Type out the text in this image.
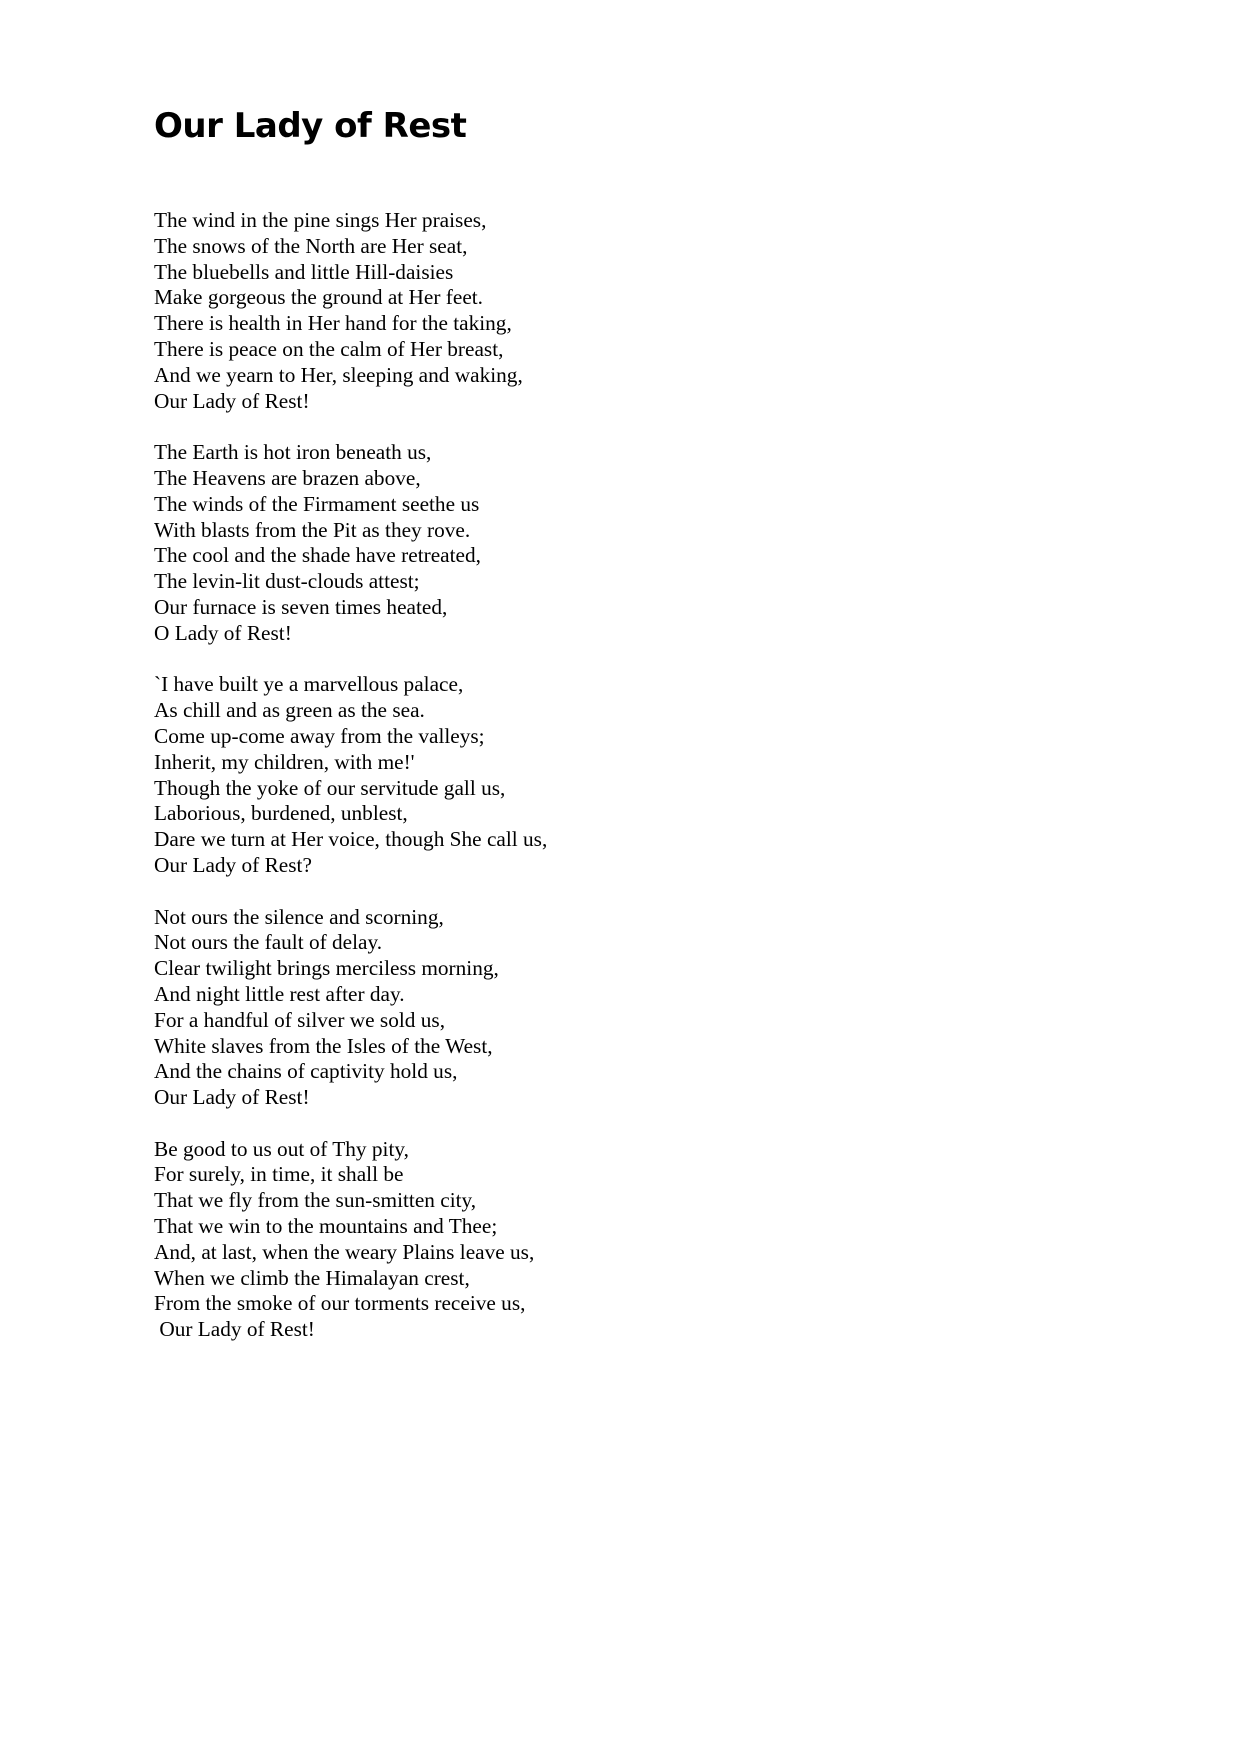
Our Lady of Rest
The wind in the pine sings Her praises,
The snows of the North are Her seat,
The bluebells and little Hill-daisies
Make gorgeous the ground at Her feet.
There is health in Her hand for the taking,
There is peace on the calm of Her breast,
And we yearn to Her, sleeping and waking,
Our Lady of Rest!
The Earth is hot iron beneath us,
The Heavens are brazen above,
The winds of the Firmament seethe us
With blasts from the Pit as they rove.
The cool and the shade have retreated,
The levin-lit dust-clouds attest;
Our furnace is seven times heated,
O Lady of Rest!
`I have built ye a marvellous palace,
As chill and as green as the sea.
Come up-come away from the valleys;
Inherit, my children, with me!'
Though the yoke of our servitude gall us,
Laborious, burdened, unblest,
Dare we turn at Her voice, though She call us,
Our Lady of Rest?
Not ours the silence and scorning,
Not ours the fault of delay.
Clear twilight brings merciless morning,
And night little rest after day.
For a handful of silver we sold us,
White slaves from the Isles of the West,
And the chains of captivity hold us,
Our Lady of Rest!
Be good to us out of Thy pity,
For surely, in time, it shall be
That we fly from the sun-smitten city,
That we win to the mountains and Thee;
And, at last, when the weary Plains leave us,
When we climb the Himalayan crest,
From the smoke of our torments receive us,
Our Lady of Rest!
